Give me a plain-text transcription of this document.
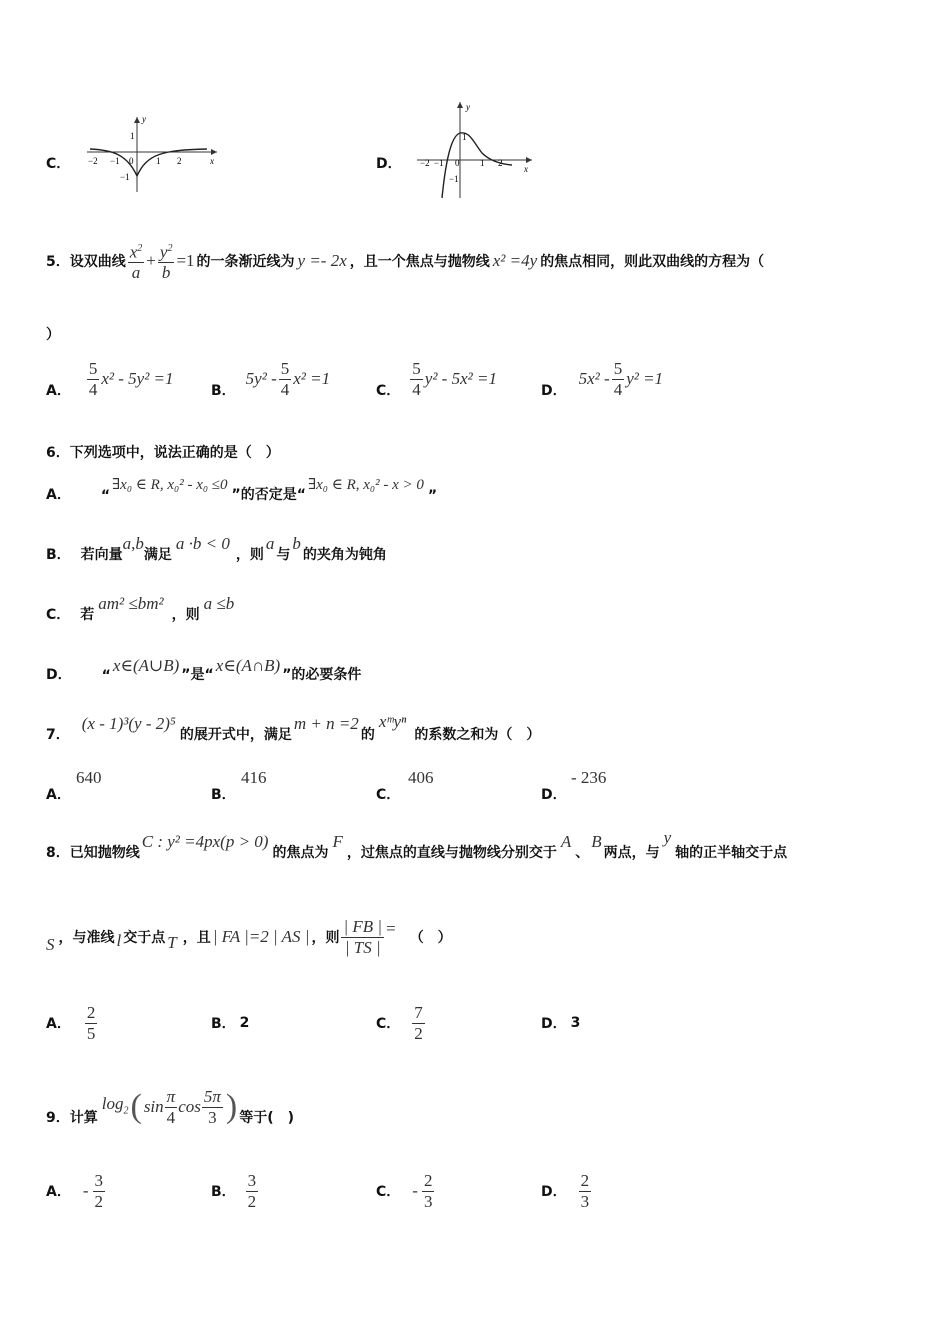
C．
y
x
1
−2 −1 0	1 2
−1
D．
y
x
1
−2 −1 0 1 2
−1
5．设双曲线 $\frac{x^2}{a} + \frac{y^2}{b} =1$ 的一条渐近线为 y =- 2x ，且一个焦点与抛物线 x² =4y 的焦点相同，则此双曲线的方程为（
）
A． $\frac{5}{4} x^2 - 5y^2 =1$
B．
$5y^2 - \frac{5}{4} x^2 =1$
C． $\frac{5}{4} y^2 - 5x^2 =1$
D．
$5x^2 - \frac{5}{4} y^2 =1$
6．下列选项中，说法正确的是（　）
A． “
∃x₀ ∈ R, x₀² - x₀ ≤0
”的否定是“
∃x₀ ∈ R, x₀² - x > 0
”
B． 若向量
a,b
满足
a ·b < 0
，则
a
与
b
的夹角为钝角
C． 若
am² ≤bm²
，则
a ≤b
D． “
x∈(A∪B) ”是“ x∈(A∩B) ”的必要条件
7．
(x - 1)³(y - 2)⁵
的展开式中，满足
m + n =2
的
xᵐyⁿ
的系数之和为（　）
A．
640
B．
416
C．
406
D．
- 236
8．已知抛物线
C : y² =4px(p > 0)
的焦点为
F
，过焦点的直线与抛物线分别交于
A
、
B
两点，与
y
轴的正半轴交于点
S ，与准线 l 交于点 T ，且 | FA |=2 | AS | ，则 $\frac{| FB |}{| TS |}$ = （　）
A． $\frac{2}{5}$	B． 2	C． $\frac{7}{2}$	D． 3
9．计算
$\log_2$ ( $\sin \frac{\pi}{4}$ $\cos \frac{5\pi}{3}$ ) 等于(　)
A． - $\frac{3}{2}$	B． $\frac{3}{2}$	C． - $\frac{2}{3}$	D． $\frac{2}{3}$
